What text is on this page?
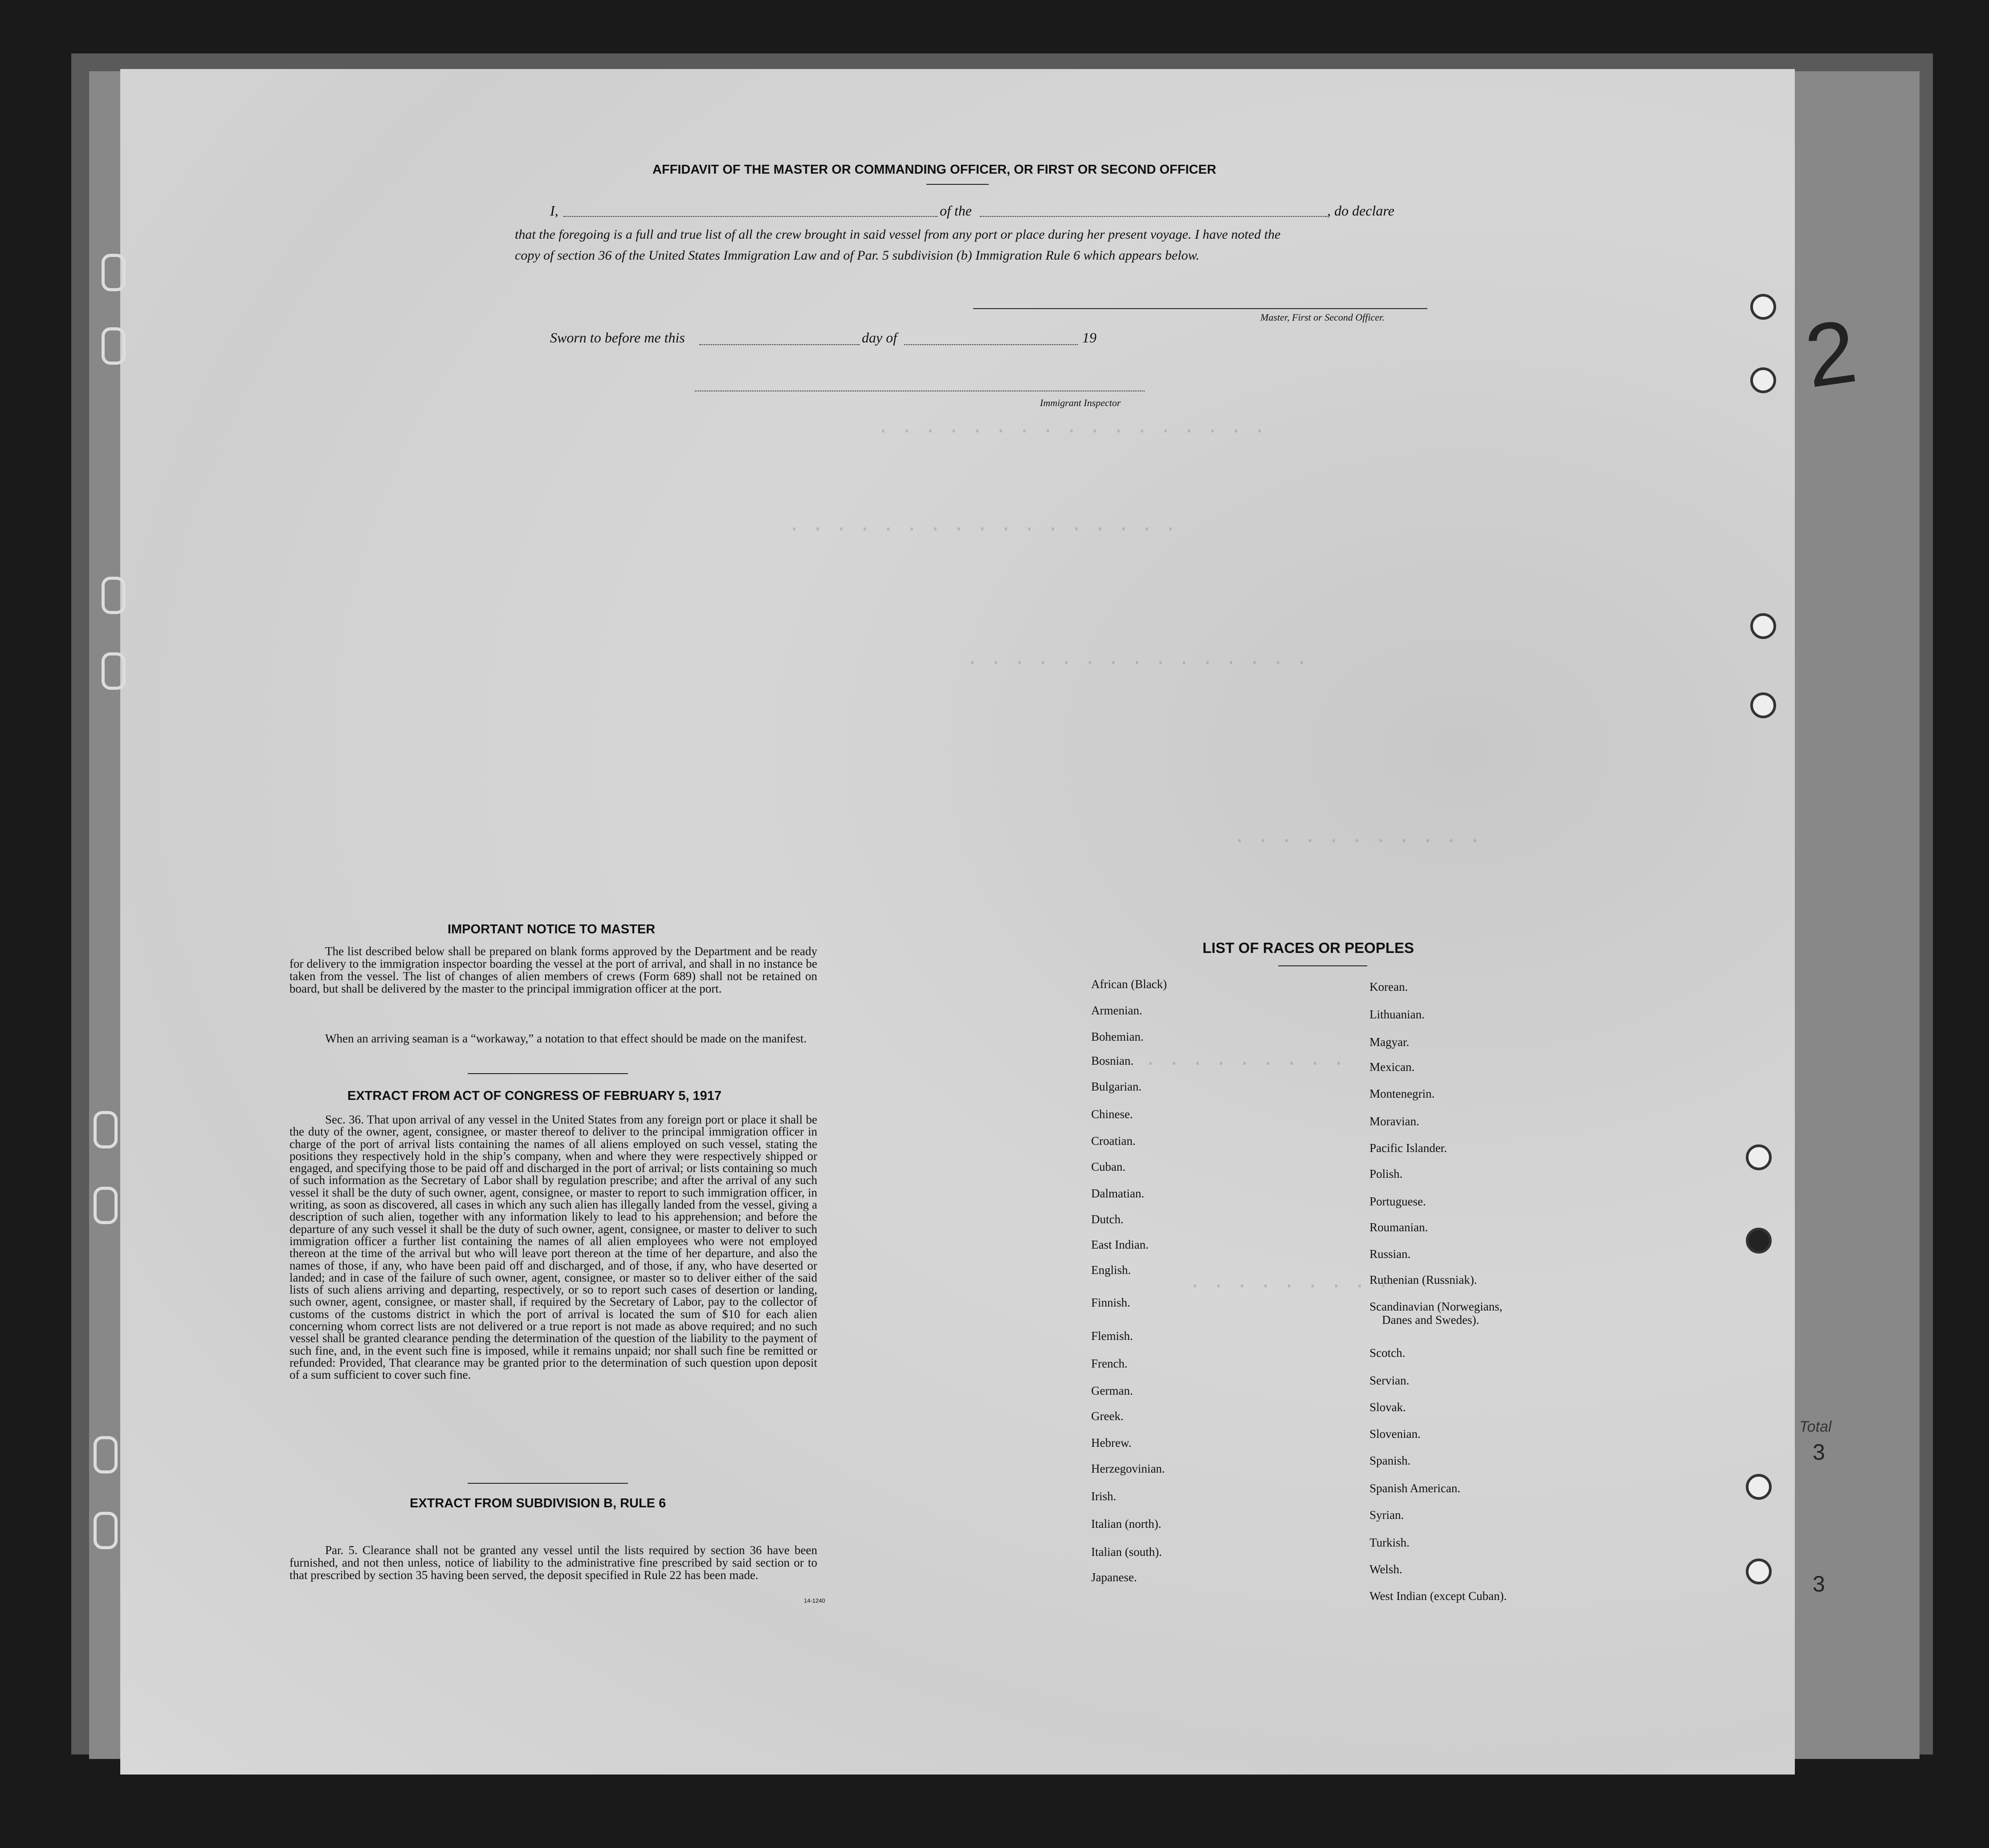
. . . . . . . . . . . . . . . . .
. . . . . . . . . . . . . . . . .
. . . . . . . . . . . . . . .
. . . . . . . . . . .
. . . . . . . . .
. . . . . . . . .
AFFIDAVIT OF THE MASTER OR COMMANDING OFFICER, OR FIRST OR SECOND OFFICER
I,	of the	, do declare
that the foregoing is a full and true list of all the crew brought in said vessel from any port or place during her present voyage. I have noted the
copy of section 36 of the United States Immigration Law and of Par. 5 subdivision (b) Immigration Rule 6 which appears below.
Master, First or Second Officer.
Sworn to before me this	day of	19
Immigrant Inspector
IMPORTANT NOTICE TO MASTER
The list described below shall be prepared on blank forms approved by the Department and be ready for delivery to the immigration inspector boarding the vessel at the port of arrival, and shall in no instance be taken from the vessel. The list of changes of alien members of crews (Form 689) shall not be retained on board, but shall be delivered by the master to the principal immigration officer at the port.
When an arriving seaman is a “workaway,” a notation to that effect should be made on the manifest.
EXTRACT FROM ACT OF CONGRESS OF FEBRUARY 5, 1917
Sec. 36. That upon arrival of any vessel in the United States from any foreign port or place it shall be the duty of the owner, agent, consignee, or master thereof to deliver to the principal immigration officer in charge of the port of arrival lists containing the names of all aliens employed on such vessel, stating the positions they respectively hold in the ship’s company, when and where they were respectively shipped or engaged, and specifying those to be paid off and discharged in the port of arrival; or lists containing so much of such information as the Secretary of Labor shall by regulation prescribe; and after the arrival of any such vessel it shall be the duty of such owner, agent, consignee, or master to report to such immigration officer, in writing, as soon as discovered, all cases in which any such alien has illegally landed from the vessel, giving a description of such alien, together with any information likely to lead to his apprehension; and before the departure of any such vessel it shall be the duty of such owner, agent, consignee, or master to deliver to such immigration officer a further list containing the names of all alien employees who were not employed thereon at the time of the arrival but who will leave port thereon at the time of her departure, and also the names of those, if any, who have been paid off and discharged, and of those, if any, who have deserted or landed; and in case of the failure of such owner, agent, consignee, or master so to deliver either of the said lists of such aliens arriving and departing, respectively, or so to report such cases of desertion or landing, such owner, agent, consignee, or master shall, if required by the Secretary of Labor, pay to the collector of customs of the customs district in which the port of arrival is located the sum of $10 for each alien concerning whom correct lists are not delivered or a true report is not made as above required; and no such vessel shall be granted clearance pending the determination of the question of the liability to the payment of such fine, and, in the event such fine is imposed, while it remains unpaid; nor shall such fine be remitted or refunded: Provided, That clearance may be granted prior to the determination of such question upon deposit of a sum sufficient to cover such fine.
EXTRACT FROM SUBDIVISION B, RULE 6
Par. 5. Clearance shall not be granted any vessel until the lists required by section 36 have been furnished, and not then unless, notice of liability to the administrative fine prescribed by said section or to that prescribed by section 35 having been served, the deposit specified in Rule 22 has been made.
14-1240
LIST OF RACES OR PEOPLES
African (Black)
Armenian.
Bohemian.
Bosnian.
Bulgarian.
Chinese.
Croatian.
Cuban.
Dalmatian.
Dutch.
East Indian.
English.
Finnish.
Flemish.
French.
German.
Greek.
Hebrew.
Herzegovinian.
Irish.
Italian (north).
Italian (south).
Japanese.
Korean.
Lithuanian.
Magyar.
Mexican.
Montenegrin.
Moravian.
Pacific Islander.
Polish.
Portuguese.
Roumanian.
Russian.
Ruthenian (Russniak).
Scandinavian (Norwegians,
Danes and Swedes).
Scotch.
Servian.
Slovak.
Slovenian.
Spanish.
Spanish American.
Syrian.
Turkish.
Welsh.
West Indian (except Cuban).
2
Total
3
3
